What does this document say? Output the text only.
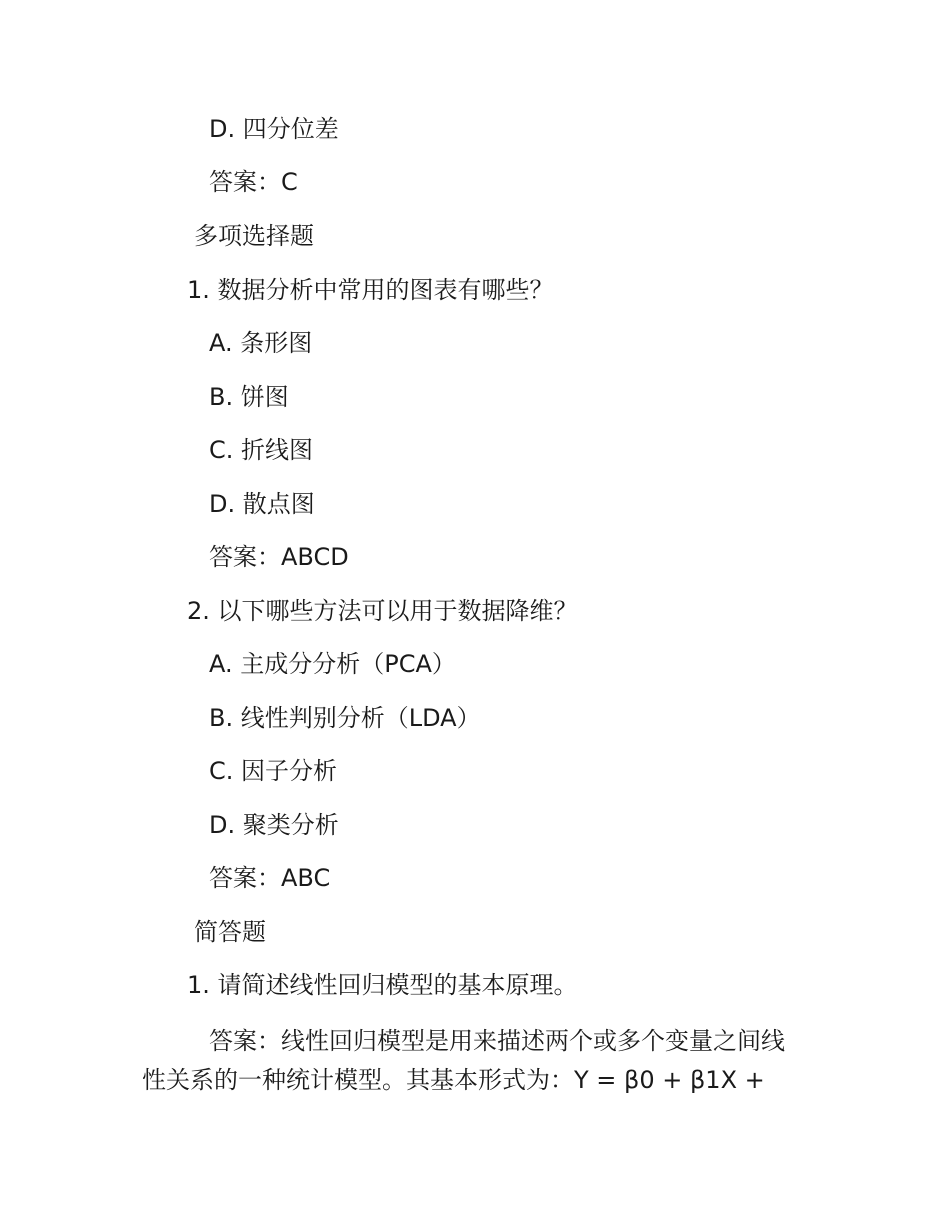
D. 四分位差

答案：C

多项选择题

1. 数据分析中常用的图表有哪些？

A. 条形图

B. 饼图

C. 折线图

D. 散点图

答案：ABCD

2. 以下哪些方法可以用于数据降维？

A. 主成分分析（PCA）

B. 线性判别分析（LDA）

C. 因子分析

D. 聚类分析

答案：ABC

简答题

1. 请简述线性回归模型的基本原理。

答案：线性回归模型是用来描述两个或多个变量之间线

性关系的一种统计模型。其基本形式为：Y = β0 + β1X +
